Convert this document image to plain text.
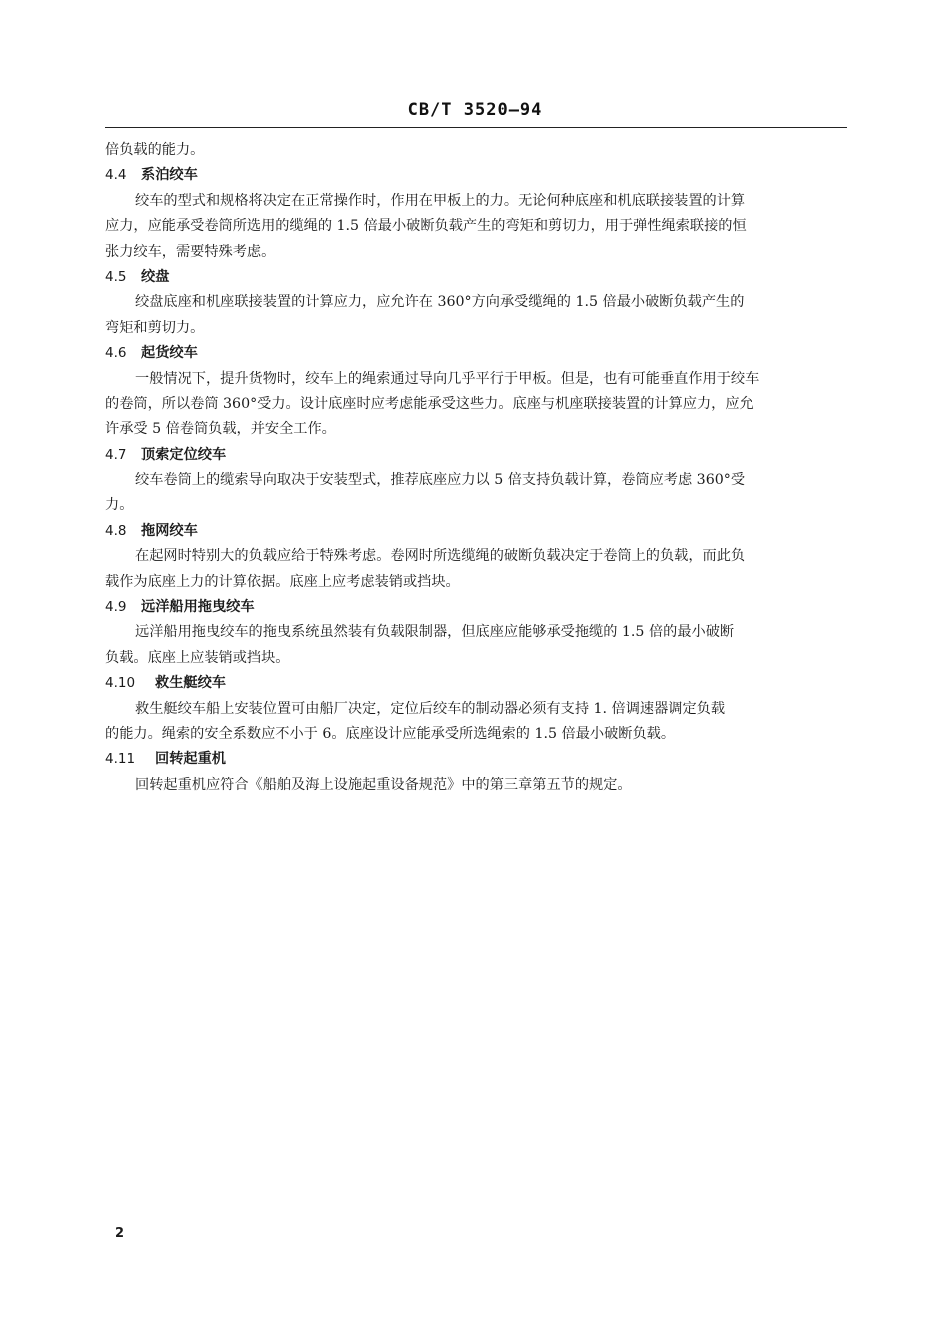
CB/T 3520—94
倍负载的能力。
4.4 系泊绞车
绞车的型式和规格将决定在正常操作时，作用在甲板上的力。无论何种底座和机底联接装置的计算
应力，应能承受卷筒所选用的缆绳的 1.5 倍最小破断负载产生的弯矩和剪切力，用于弹性绳索联接的恒
张力绞车，需要特殊考虑。
4.5 绞盘
绞盘底座和机座联接装置的计算应力，应允许在 360°方向承受缆绳的 1.5 倍最小破断负载产生的
弯矩和剪切力。
4.6 起货绞车
一般情况下，提升货物时，绞车上的绳索通过导向几乎平行于甲板。但是，也有可能垂直作用于绞车
的卷筒，所以卷筒 360°受力。设计底座时应考虑能承受这些力。底座与机座联接装置的计算应力，应允
许承受 5 倍卷筒负载，并安全工作。
4.7 顶索定位绞车
绞车卷筒上的缆索导向取决于安装型式，推荐底座应力以 5 倍支持负载计算，卷筒应考虑 360°受
力。
4.8 拖网绞车
在起网时特别大的负载应给于特殊考虑。卷网时所选缆绳的破断负载决定于卷筒上的负载，而此负
载作为底座上力的计算依据。底座上应考虑装销或挡块。
4.9 远洋船用拖曳绞车
远洋船用拖曳绞车的拖曳系统虽然装有负载限制器，但底座应能够承受拖缆的 1.5 倍的最小破断
负载。底座上应装销或挡块。
4.10 救生艇绞车
救生艇绞车船上安装位置可由船厂决定，定位后绞车的制动器必须有支持 1. 倍调速器调定负载
的能力。绳索的安全系数应不小于 6。底座设计应能承受所选绳索的 1.5 倍最小破断负载。
4.11 回转起重机
回转起重机应符合《船舶及海上设施起重设备规范》中的第三章第五节的规定。
2
